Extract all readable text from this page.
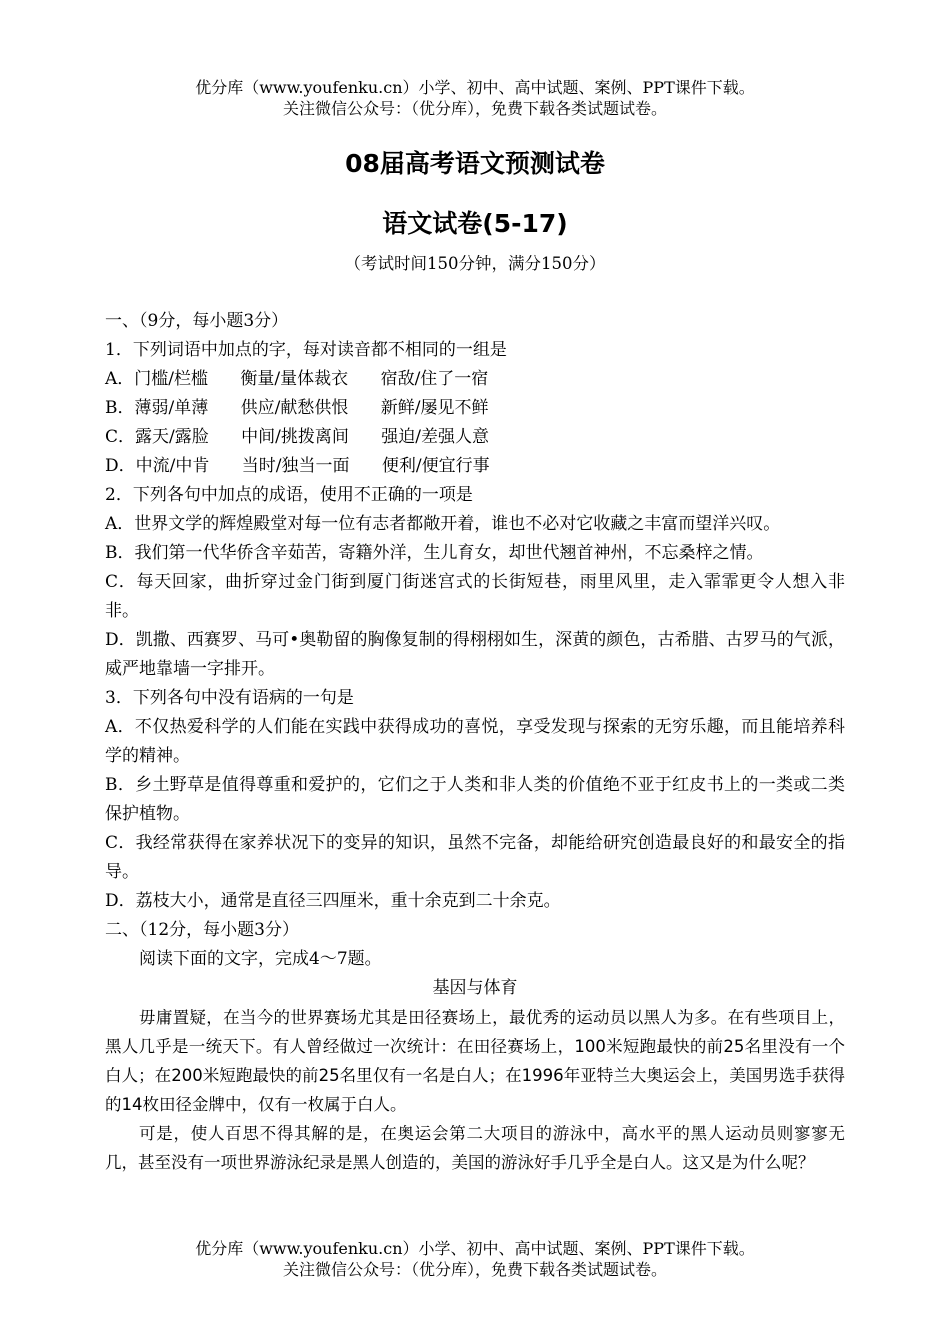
优分库（www.youfenku.cn）小学、初中、高中试题、案例、PPT课件下载。
关注微信公众号：（优分库），免费下载各类试题试卷。
08届高考语文预测试卷
语文试卷(5-17)
（考试时间150分钟，满分150分）

一、（9分，每小题3分）

1．下列词语中加点的字，每对读音都不相同的一组是

A．门槛/栏槛      衡量/量体裁衣      宿敌/住了一宿

B．薄弱/单薄      供应/献愁供恨      新鲜/屡见不鲜

C．露天/露脸      中间/挑拨离间      强迫/差强人意

D．中流/中肯      当时/独当一面      便利/便宜行事

2．下列各句中加点的成语，使用不正确的一项是

A．世界文学的辉煌殿堂对每一位有志者都敞开着，谁也不必对它收藏之丰富而望洋兴叹。

B．我们第一代华侨含辛茹苦，寄籍外洋，生儿育女，却世代翘首神州，不忘桑梓之情。

C．每天回家，曲折穿过金门街到厦门街迷宫式的长街短巷，雨里风里，走入霏霏更令人想入非非。

D．凯撒、西赛罗、马可•奥勒留的胸像复制的得栩栩如生，深黄的颜色，古希腊、古罗马的气派，威严地靠墙一字排开。

3．下列各句中没有语病的一句是

A．不仅热爱科学的人们能在实践中获得成功的喜悦，享受发现与探索的无穷乐趣，而且能培养科学的精神。

B．乡土野草是值得尊重和爱护的，它们之于人类和非人类的价值绝不亚于红皮书上的一类或二类保护植物。

C．我经常获得在家养状况下的变异的知识，虽然不完备，却能给研究创造最良好的和最安全的指导。

D．荔枝大小，通常是直径三四厘米，重十余克到二十余克。

二、（12分，每小题3分）

阅读下面的文字，完成4～7题。

基因与体育

毋庸置疑，在当今的世界赛场尤其是田径赛场上，最优秀的运动员以黑人为多。在有些项目上，黑人几乎是一统天下。有人曾经做过一次统计：在田径赛场上，100米短跑最快的前25名里没有一个白人；在200米短跑最快的前25名里仅有一名是白人；在1996年亚特兰大奥运会上，美国男选手获得的14枚田径金牌中，仅有一枚属于白人。

可是，使人百思不得其解的是，在奥运会第二大项目的游泳中，高水平的黑人运动员则寥寥无几，甚至没有一项世界游泳纪录是黑人创造的，美国的游泳好手几乎全是白人。这又是为什么呢？

优分库（www.youfenku.cn）小学、初中、高中试题、案例、PPT课件下载。
关注微信公众号：（优分库），免费下载各类试题试卷。
